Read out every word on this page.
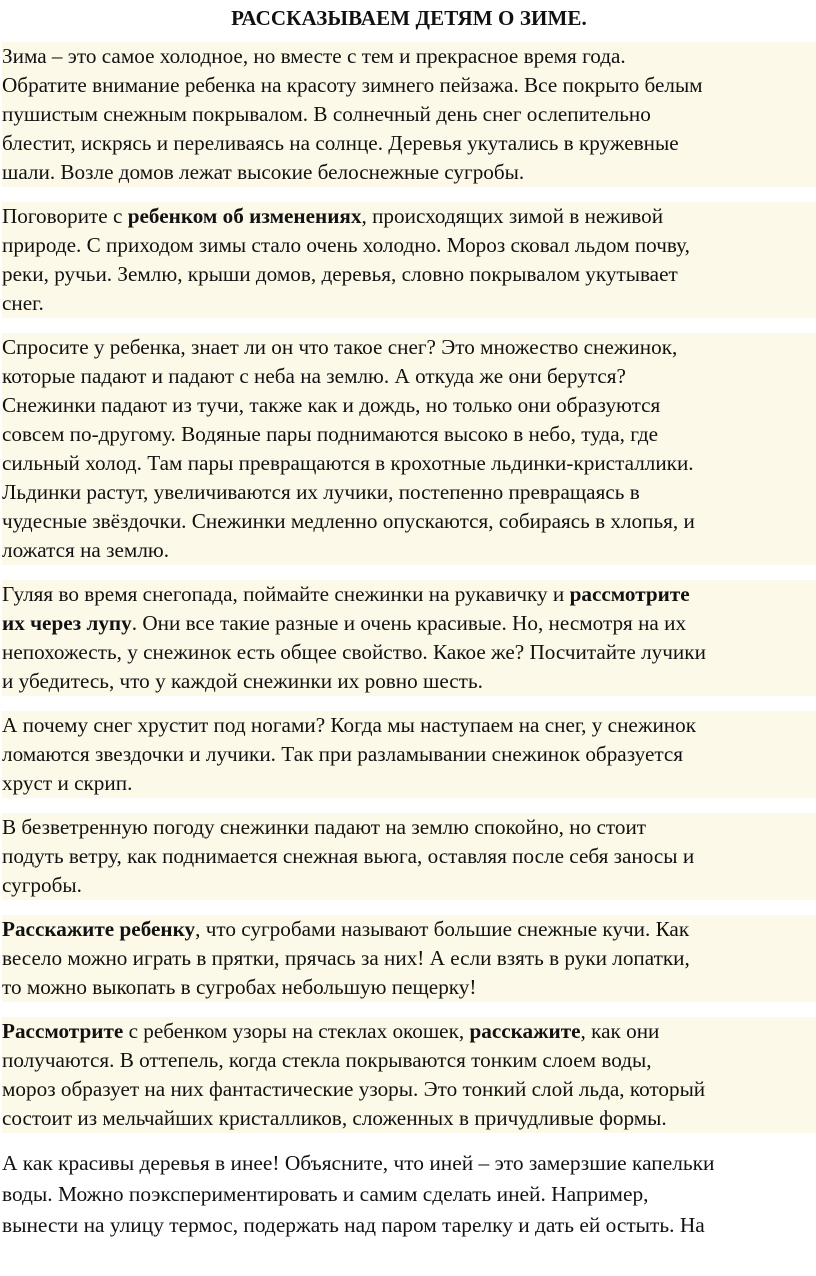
РАССКАЗЫВАЕМ ДЕТЯМ О ЗИМЕ.

Зима – это самое холодное, но вместе с тем и прекрасное время года.
Обратите внимание ребенка на красоту зимнего пейзажа. Все покрыто белым
пушистым снежным покрывалом. В солнечный день снег ослепительно
блестит, искрясь и переливаясь на солнце. Деревья укутались в кружевные
шали. Возле домов лежат высокие белоснежные сугробы.

Поговорите с ребенком об изменениях, происходящих зимой в неживой
природе. С приходом зимы стало очень холодно. Мороз сковал льдом почву,
реки, ручьи. Землю, крыши домов, деревья, словно покрывалом укутывает
снег.

Спросите у ребенка, знает ли он что такое снег? Это множество снежинок,
которые падают и падают с неба на землю. А откуда же они берутся?
Снежинки падают из тучи, также как и дождь, но только они образуются
совсем по-другому. Водяные пары поднимаются высоко в небо, туда, где
сильный холод. Там пары превращаются в крохотные льдинки-кристаллики.
Льдинки растут, увеличиваются их лучики, постепенно превращаясь в
чудесные звёздочки. Снежинки медленно опускаются, собираясь в хлопья, и
ложатся на землю.

Гуляя во время снегопада, поймайте снежинки на рукавичку и рассмотрите
их через лупу. Они все такие разные и очень красивые. Но, несмотря на их
непохожесть, у снежинок есть общее свойство. Какое же? Посчитайте лучики
и убедитесь, что у каждой снежинки их ровно шесть.

А почему снег хрустит под ногами? Когда мы наступаем на снег, у снежинок
ломаются звездочки и лучики. Так при разламывании снежинок образуется
хруст и скрип.

В безветренную погоду снежинки падают на землю спокойно, но стоит
подуть ветру, как поднимается снежная вьюга, оставляя после себя заносы и
сугробы.

Расскажите ребенку, что сугробами называют большие снежные кучи. Как
весело можно играть в прятки, прячась за них! А если взять в руки лопатки,
то можно выкопать в сугробах небольшую пещерку!

Рассмотрите с ребенком узоры на стеклах окошек, расскажите, как они
получаются. В оттепель, когда стекла покрываются тонким слоем воды,
мороз образует на них фантастические узоры. Это тонкий слой льда, который
состоит из мельчайших кристалликов, сложенных в причудливые формы.

А как красивы деревья в инее! Объясните, что иней – это замерзшие капельки
воды. Можно поэкспериментировать и самим сделать иней. Например,
вынести на улицу термос, подержать над паром тарелку и дать ей остыть. На
